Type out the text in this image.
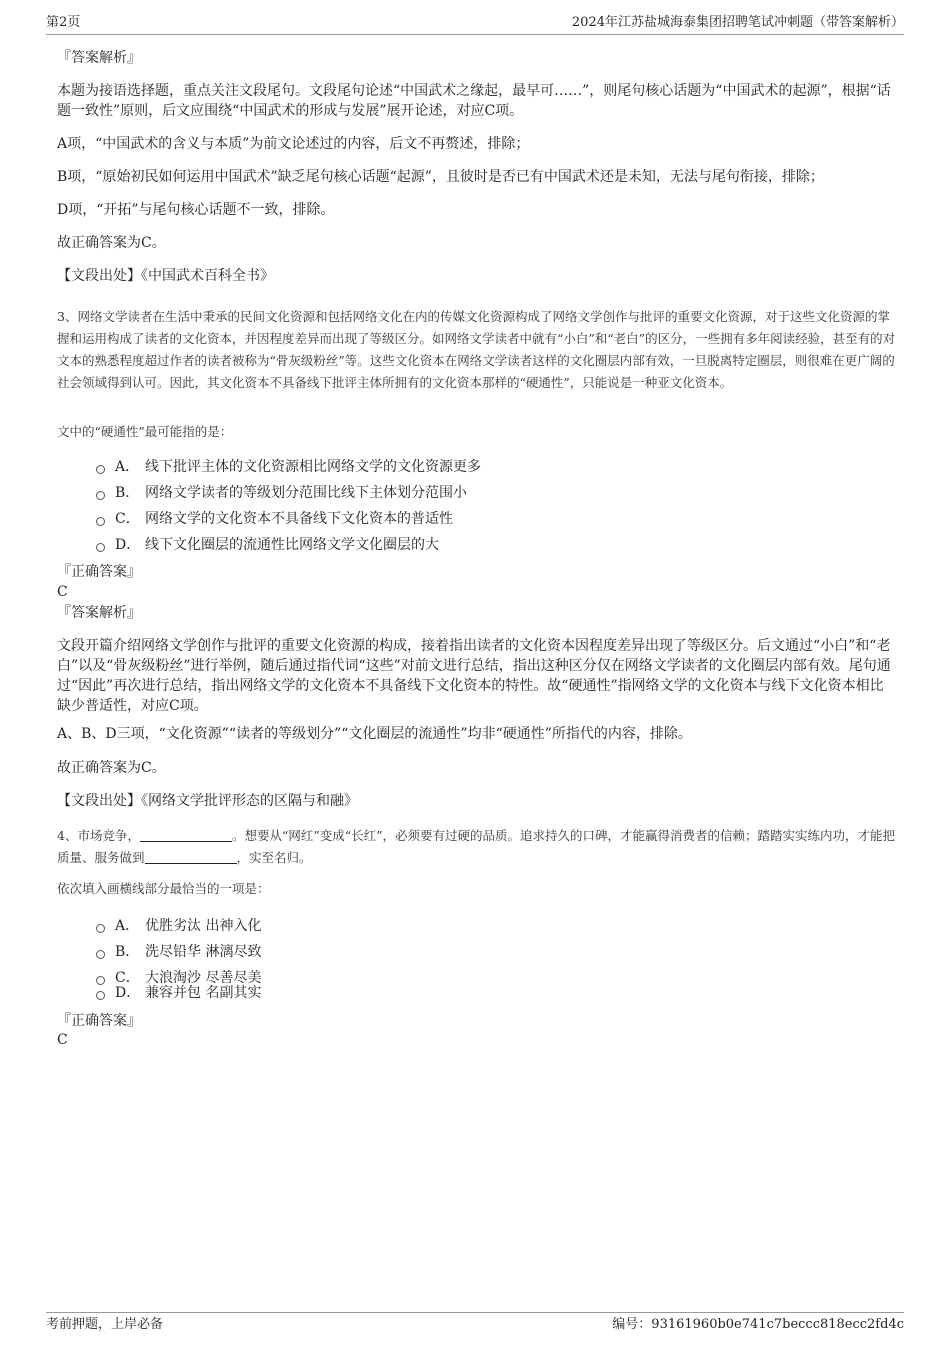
第2页	2024年江苏盐城海泰集团招聘笔试冲刺题（带答案解析）
『答案解析』
本题为接语选择题，重点关注文段尾句。文段尾句论述“中国武术之缘起，最早可……”，则尾句核心话题为“中国武术的起源”，根据“话题一致性”原则，后文应围绕“中国武术的形成与发展”展开论述，对应C项。
A项，“中国武术的含义与本质”为前文论述过的内容，后文不再赘述，排除；
B项，“原始初民如何运用中国武术”缺乏尾句核心话题“起源”，且彼时是否已有中国武术还是未知，无法与尾句衔接，排除；
D项，“开拓”与尾句核心话题不一致，排除。
故正确答案为C。
【文段出处】《中国武术百科全书》
3、网络文学读者在生活中秉承的民间文化资源和包括网络文化在内的传媒文化资源构成了网络文学创作与批评的重要文化资源，对于这些文化资源的掌握和运用构成了读者的文化资本，并因程度差异而出现了等级区分。如网络文学读者中就有“小白”和“老白”的区分，一些拥有多年阅读经验，甚至有的对文本的熟悉程度超过作者的读者被称为“骨灰级粉丝”等。这些文化资本在网络文学读者这样的文化圈层内部有效，一旦脱离特定圈层，则很难在更广阔的社会领域得到认可。因此，其文化资本不具备线下批评主体所拥有的文化资本那样的“硬通性”，只能说是一种亚文化资本。
文中的“硬通性”最可能指的是：
A． 线下批评主体的文化资源相比网络文学的文化资源更多
B． 网络文学读者的等级划分范围比线下主体划分范围小
C． 网络文学的文化资本不具备线下文化资本的普适性
D． 线下文化圈层的流通性比网络文学文化圈层的大
『正确答案』
C
『答案解析』
文段开篇介绍网络文学创作与批评的重要文化资源的构成，接着指出读者的文化资本因程度差异出现了等级区分。后文通过“小白”和“老白”以及“骨灰级粉丝”进行举例，随后通过指代词“这些”对前文进行总结，指出这种区分仅在网络文学读者的文化圈层内部有效。尾句通过“因此”再次进行总结，指出网络文学的文化资本不具备线下文化资本的特性。故“硬通性”指网络文学的文化资本与线下文化资本相比缺少普适性，对应C项。
A、B、D三项，“文化资源”“读者的等级划分”“文化圈层的流通性”均非“硬通性”所指代的内容，排除。
故正确答案为C。
【文段出处】《网络文学批评形态的区隔与和融》
4、市场竞争，	。想要从“网红”变成“长红”，必须要有过硬的品质。追求持久的口碑，才能赢得消费者的信赖；踏踏实实练内功，才能把质量、服务做到	，实至名归。
依次填入画横线部分最恰当的一项是：
A． 优胜劣汰 出神入化
B． 洗尽铅华 淋漓尽致
C． 大浪淘沙 尽善尽美
D． 兼容并包 名副其实
『正确答案』
C
考前押题，上岸必备	编号：93161960b0e741c7beccc818ecc2fd4c
